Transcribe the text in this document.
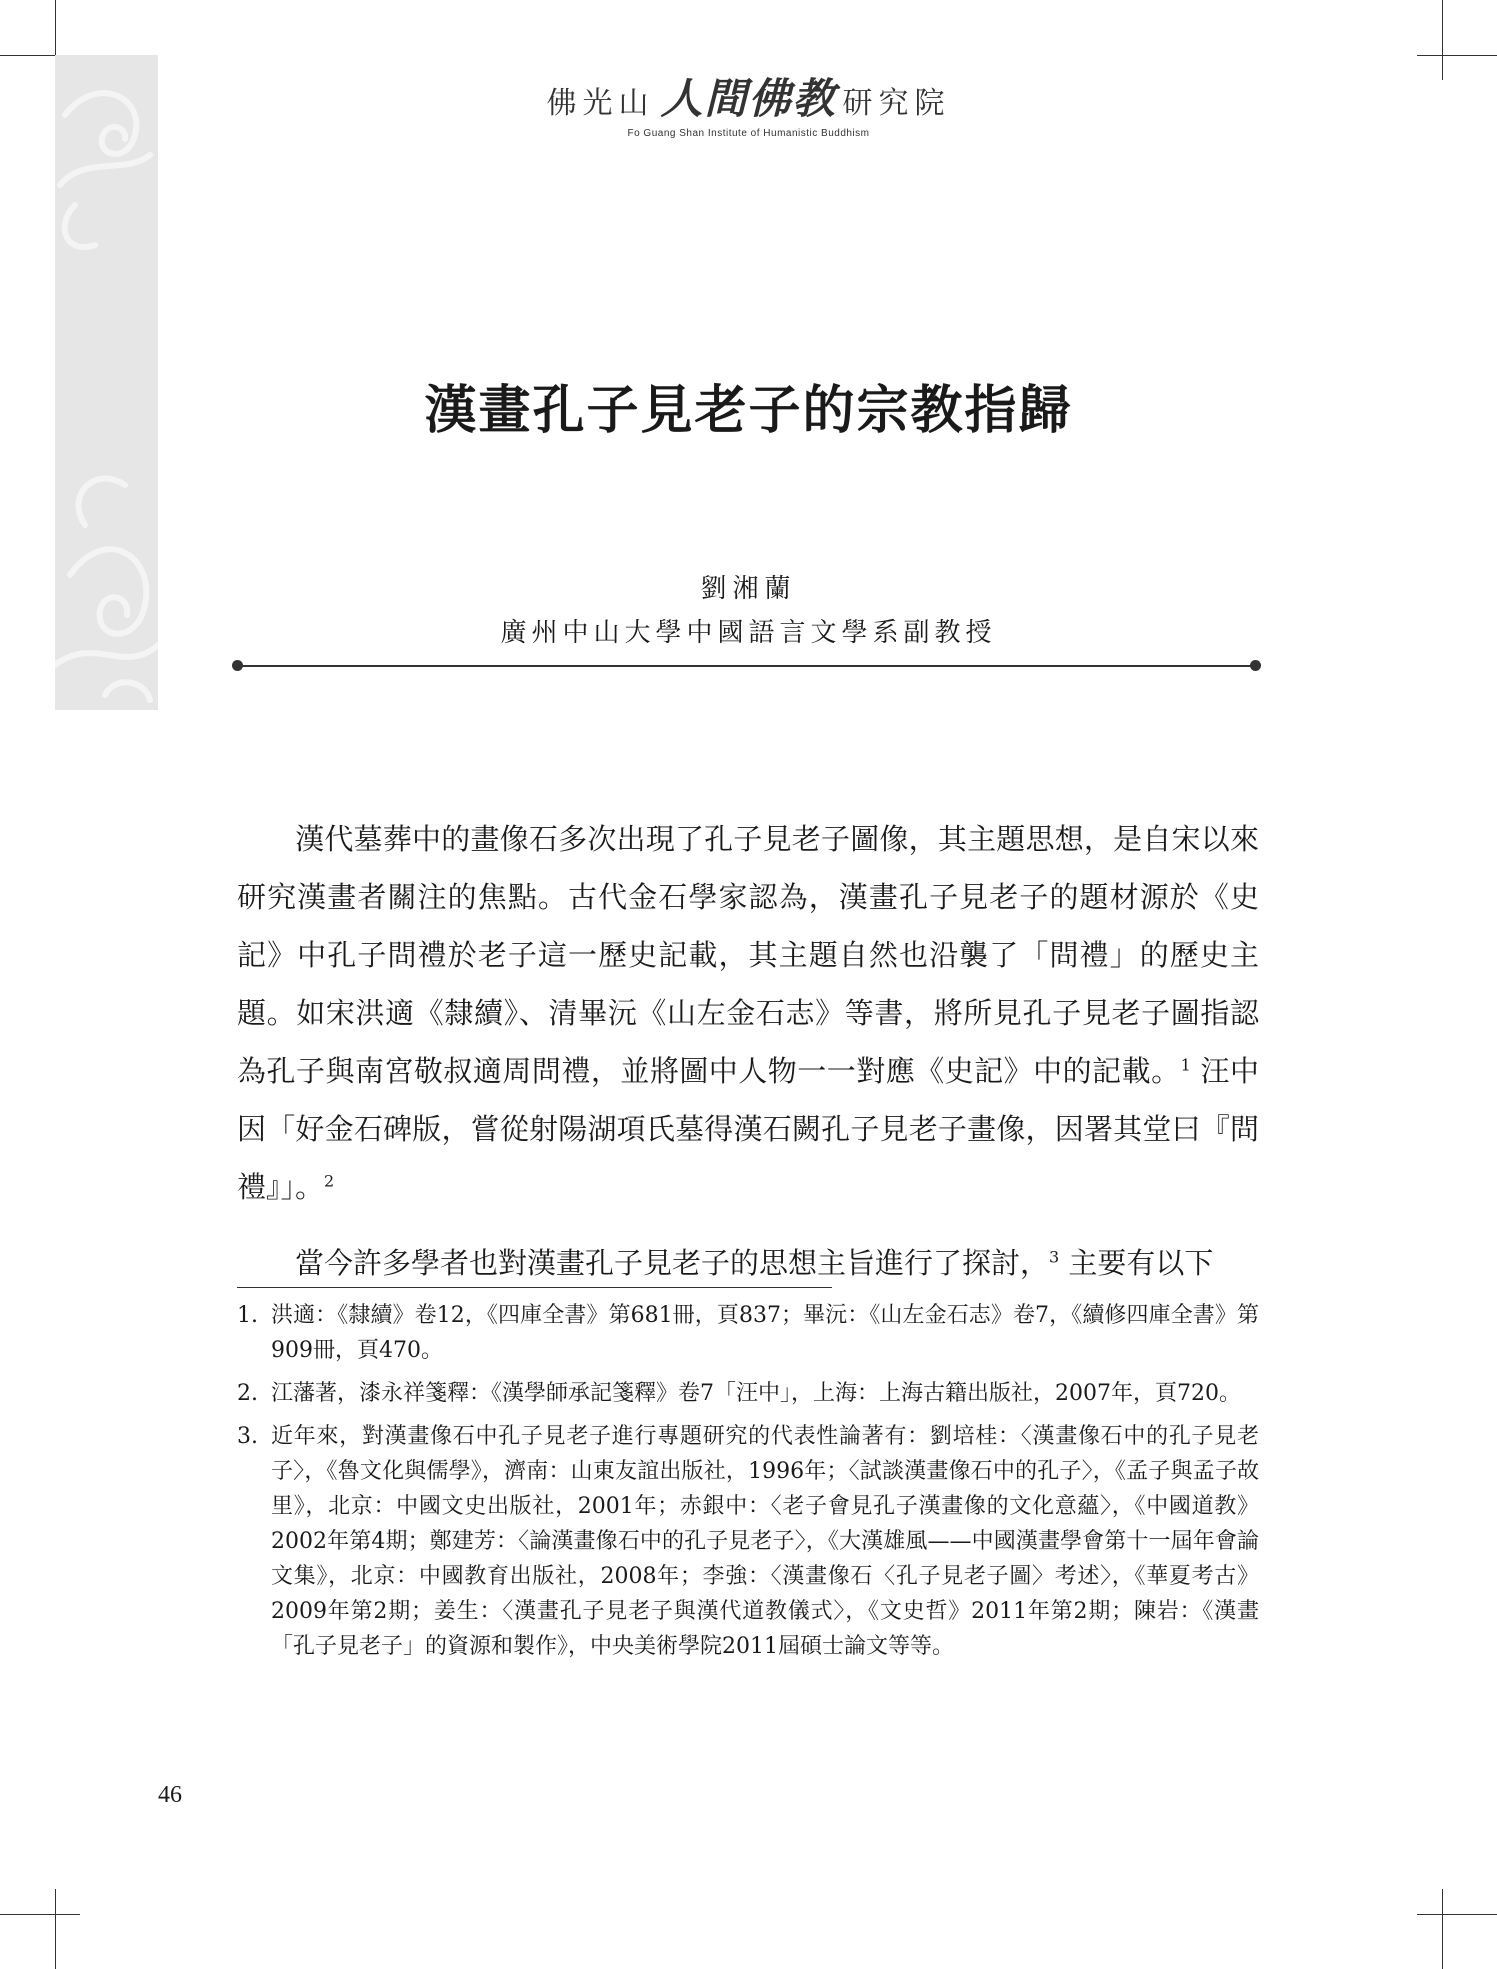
佛光山 人間佛教 研究院
Fo Guang Shan Institute of Humanistic Buddhism
漢畫孔子見老子的宗教指歸
劉湘蘭
廣州中山大學中國語言文學系副教授

漢代墓葬中的畫像石多次出現了孔子見老子圖像，其主題思想，是自宋以來研究漢畫者關注的焦點。古代金石學家認為，漢畫孔子見老子的題材源於《史記》中孔子問禮於老子這一歷史記載，其主題自然也沿襲了「問禮」的歷史主題。如宋洪適《隸續》、清畢沅《山左金石志》等書，將所見孔子見老子圖指認為孔子與南宮敬叔適周問禮，並將圖中人物一一對應《史記》中的記載。$^1$ 汪中因「好金石碑版，嘗從射陽湖項氏墓得漢石闕孔子見老子畫像，因署其堂曰『問禮』」。$^2$

當今許多學者也對漢畫孔子見老子的思想主旨進行了探討，$^3$ 主要有以下

1. 洪適：《隸續》卷12，《四庫全書》第681冊，頁837；畢沅：《山左金石志》卷7，《續修四庫全書》第909冊，頁470。
2. 江藩著，漆永祥箋釋：《漢學師承記箋釋》卷7「汪中」，上海：上海古籍出版社，2007年，頁720。
3. 近年來，對漢畫像石中孔子見老子進行專題研究的代表性論著有：劉培桂：〈漢畫像石中的孔子見老子〉，《魯文化與儒學》，濟南：山東友誼出版社，1996年；〈試談漢畫像石中的孔子〉，《孟子與孟子故里》，北京：中國文史出版社，2001年；赤銀中：〈老子會見孔子漢畫像的文化意蘊〉，《中國道教》2002年第4期；鄭建芳：〈論漢畫像石中的孔子見老子〉，《大漢雄風——中國漢畫學會第十一屆年會論文集》，北京：中國教育出版社，2008年；李強：〈漢畫像石〈孔子見老子圖〉考述〉，《華夏考古》2009年第2期；姜生：〈漢畫孔子見老子與漢代道教儀式〉，《文史哲》2011年第2期；陳岩：《漢畫「孔子見老子」的資源和製作》，中央美術學院2011屆碩士論文等等。
46
